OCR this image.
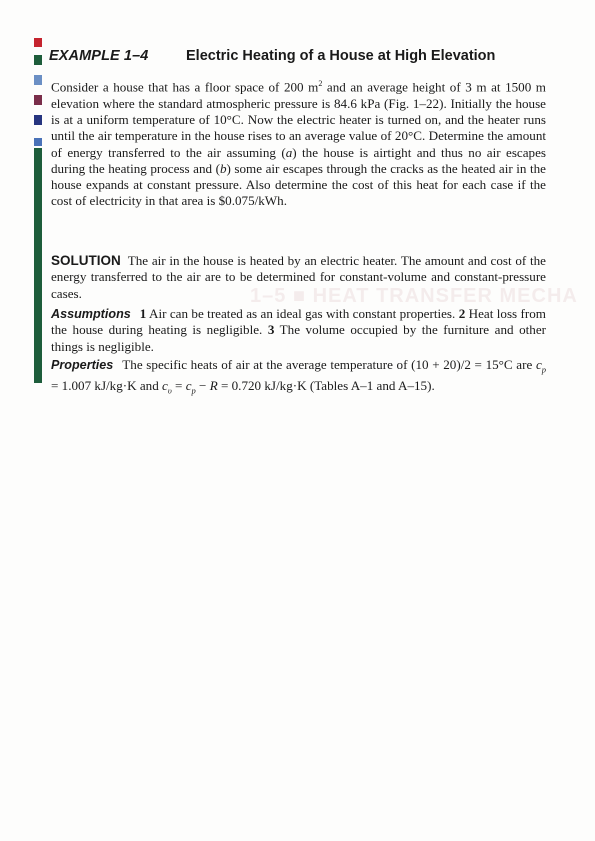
1–5 ■ HEAT TRANSFER MECHA
EXAMPLE 1–4	Electric Heating of a House at High Elevation

Consider a house that has a floor space of 200 $m^2$ and an average height of 3 m at 1500 m elevation where the standard atmospheric pressure is 84.6 kPa (Fig. 1–22). Initially the house is at a uniform temperature of 10°C. Now the electric heater is turned on, and the heater runs until the air temperature in the house rises to an average value of 20°C. Determine the amount of energy transferred to the air assuming (a) the house is airtight and thus no air escapes during the heating process and (b) some air escapes through the cracks as the heated air in the house expands at constant pressure. Also determine the cost of this heat for each case if the cost of electricity in that area is $0.075/kWh.

SOLUTION The air in the house is heated by an electric heater. The amount and cost of the energy transferred to the air are to be determined for constant-volume and constant-pressure cases.

Assumptions 1 Air can be treated as an ideal gas with constant properties. 2 Heat loss from the house during heating is negligible. 3 The volume occupied by the furniture and other things is negligible.

Properties The specific heats of air at the average temperature of (10 + 20)/2 = 15°C are $c_p = 1.007$ kJ/kg·K and $c_\upsilon = c_p - R = 0.720$ kJ/kg·K (Tables A–1 and A–15).
